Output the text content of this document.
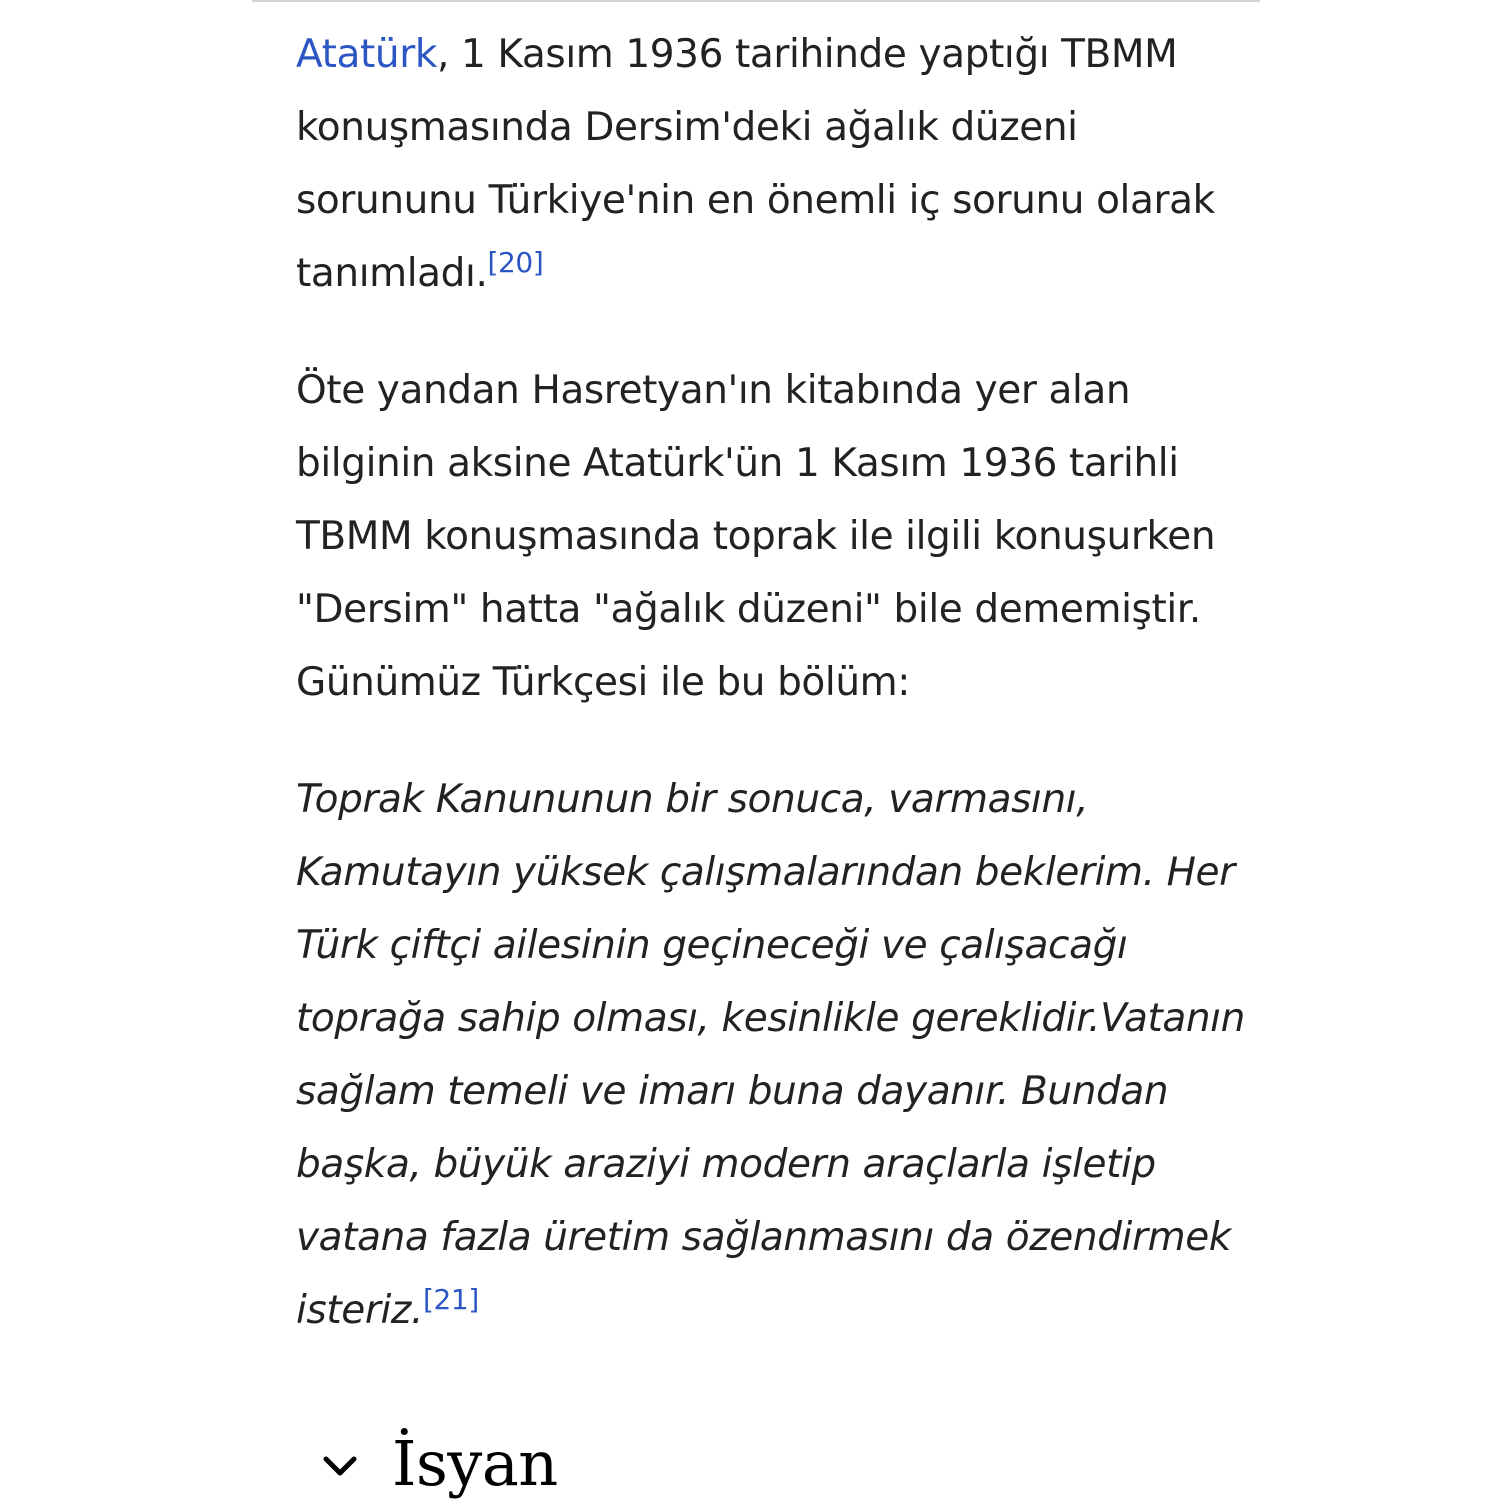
Atatürk, 1 Kasım 1936 tarihinde yaptığı TBMM konuşmasında Dersim'deki ağalık düzeni sorununu Türkiye'nin en önemli iç sorunu olarak tanımladı.[20]

Öte yandan Hasretyan'ın kitabında yer alan bilginin aksine Atatürk'ün 1 Kasım 1936 tarihli TBMM konuşmasında toprak ile ilgili konuşurken "Dersim" hatta "ağalık düzeni" bile dememiştir. Günümüz Türkçesi ile bu bölüm:

Toprak Kanununun bir sonuca, varmasını, Kamutayın yüksek çalışmalarından beklerim. Her Türk çiftçi ailesinin geçineceği ve çalışacağı toprağa sahip olması, kesinlikle gereklidir.Vatanın sağlam temeli ve imarı buna dayanır. Bundan başka, büyük araziyi modern araçlarla işletip vatana fazla üretim sağlanmasını da özendirmek isteriz.[21]

İsyan
